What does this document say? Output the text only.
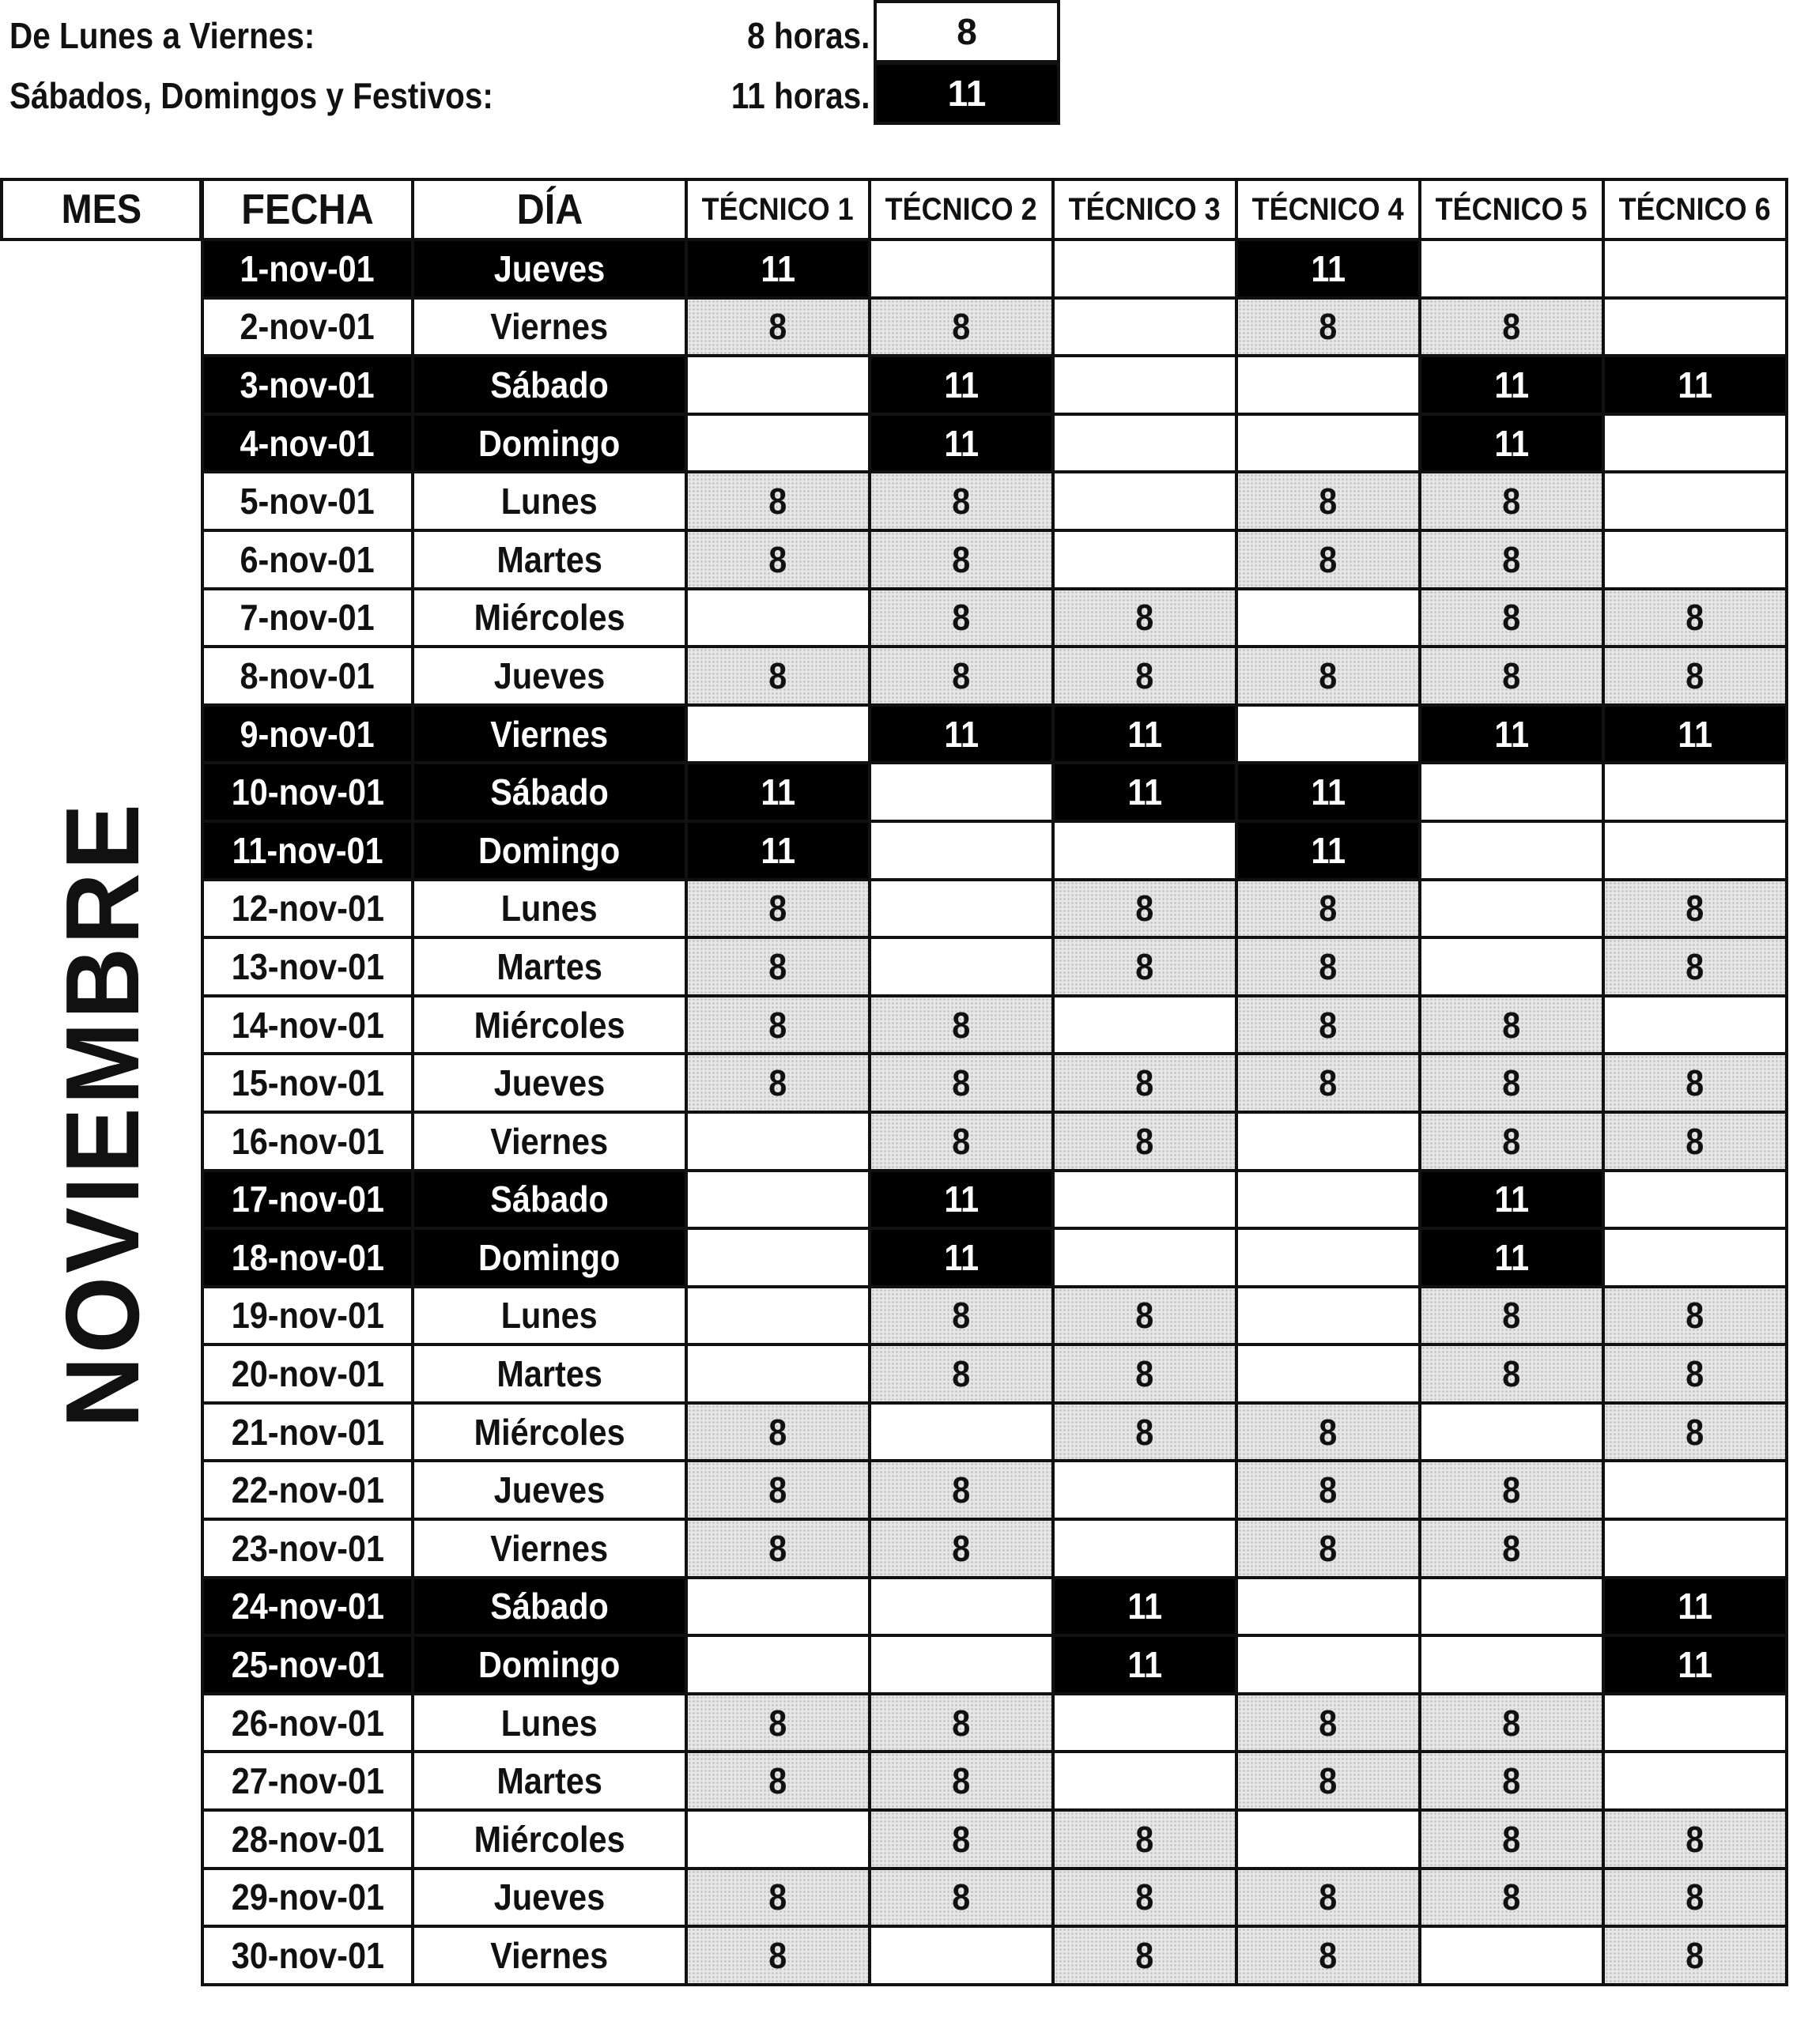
De Lunes a Viernes:	8 horas.	8
Sábados, Domingos y Festivos:	11 horas.	11
MES
NOVIEMBRE
FECHA	DÍA	TÉCNICO 1	TÉCNICO 2	TÉCNICO 3	TÉCNICO 4	TÉCNICO 5	TÉCNICO 6
1-nov-01	Jueves	11			11		
2-nov-01	Viernes	8	8		8	8	
3-nov-01	Sábado		11			11	11
4-nov-01	Domingo		11			11	
5-nov-01	Lunes	8	8		8	8	
6-nov-01	Martes	8	8		8	8	
7-nov-01	Miércoles		8	8		8	8
8-nov-01	Jueves	8	8	8	8	8	8
9-nov-01	Viernes		11	11		11	11
10-nov-01	Sábado	11		11	11		
11-nov-01	Domingo	11			11		
12-nov-01	Lunes	8		8	8		8
13-nov-01	Martes	8		8	8		8
14-nov-01	Miércoles	8	8		8	8	
15-nov-01	Jueves	8	8	8	8	8	8
16-nov-01	Viernes		8	8		8	8
17-nov-01	Sábado		11			11	
18-nov-01	Domingo		11			11	
19-nov-01	Lunes		8	8		8	8
20-nov-01	Martes		8	8		8	8
21-nov-01	Miércoles	8		8	8		8
22-nov-01	Jueves	8	8		8	8	
23-nov-01	Viernes	8	8		8	8	
24-nov-01	Sábado			11			11
25-nov-01	Domingo			11			11
26-nov-01	Lunes	8	8		8	8	
27-nov-01	Martes	8	8		8	8	
28-nov-01	Miércoles		8	8		8	8
29-nov-01	Jueves	8	8	8	8	8	8
30-nov-01	Viernes	8		8	8		8
